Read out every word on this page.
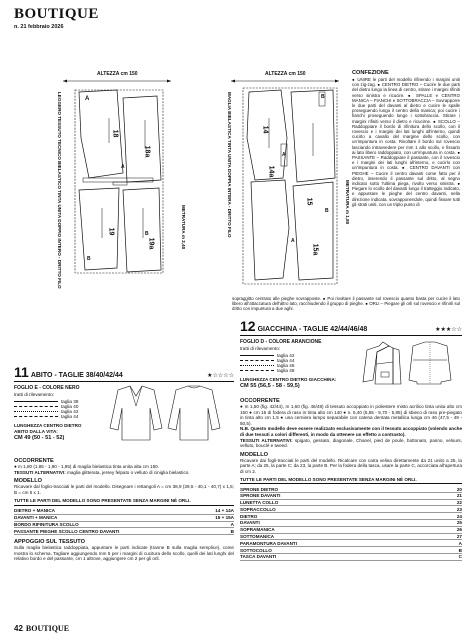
BOUTIQUE
n. 21 febbraio 2026
ALTEZZA cm 150
18
18a
19
19a
A
A
B
B
LEGGERO TESSUTO TECNICO BIELASTICO TINTA UNITA DOPPIO INTERO - DRITTO FILO	METRATURA m 2,40
ALTEZZA cm 150
14
14a
15
15a
B
A
B
A
MAGLIA BIELASTICA TINTA UNITA DOPPIA INTERA - DRITTO FILO	METRATURA m 1,80
CONFEZIONE
● UNIRE le parti del modello rifinendo i margini uniti con zig-zag. ● CENTRO DIETRO – Cucire le due parti del dietro lungo la linea di centro, stirare i margini rifiniti verso sinistra e ricucire. ● SPALLE e CENTRO MANICA – FIANCHI e SOTTOBRACCIA – Sovrapporre le due parti del davanti al dietro e cucire le spalle proseguendo lungo il centro della manica; poi cucire i fianchi proseguendo lungo i sottobraccia. Stirare i margini rifiniti verso il dietro e ricucirne. ● SCOLLO – Raddoppiare il bordo di rifinitura dello scollo, con il rovescio e i margini dei lati lunghi all'interno, quindi cucirlo a cavallo del margine dello scollo, con un'impuntura in costa. Rivoltare il bordo sul rovescio lasciando intravvedere per mm 1 allo scollo, e fissarlo ai lato libero raddoppiato, con un'impuntura in costa. ● PASSANTE – Raddoppiare il passante, con il rovescio e i margini dei lati lunghi all'interno, e cucirlo con un'impuntura in costa. ● CENTRO DAVANTI con PIEGHE – Cucire il centro davanti come fatto per il dietro, inserendo il passante sul dritto, al segno indicato sotto l'ultima piega, rivolto verso sinistra. ● Piegare lo scollo del davanti lungo il tratteggio indicato, e appuntare le pieghe del centro davanti, nella direzione indicata, sovrapponendole, quindi fissare tutti gli strati uniti, con un triplo punto di
sopraggitto centrato alle pieghe sovrapposte. ● Poi rivoltare il passante sul rovescio quanto basta per cucire il lato libero all'attaccatura dell'altro lato, racchiudendo il gruppo di pieghe. ● ORLI – Piegare gli orli sul rovescio e rifinirli sul dritto con impuntura a due aghi.
12 GIACCHINA - TAGLIE 42/44/46/48	★★★☆☆
FOGLIO D - COLORE ARANCIONE
tratti di rilevamento:
taglia 42
taglia 44
taglia 46
taglia 48
LUNGHEZZA CENTRO DIETRO GIACCHINA:
CM 55 (56,5 - 58 - 59,5)
OCCORRENTE
● m 1,50 (fig. 42/44), m 1,60 (fig. 46/48) di tessuto accoppiato in poliestere misto acrilico tinta unita alto cm 150 ● cm 15 di fodera di raso in tinta alto cm 140 ● n. 5,40 (5,55 - 5,70 - 5,85) di sbieco di raso pre-piegato in tinta alto cm 1,5 ● una cerniera lampo separabile con catena dentata metallica lunga cm 46 (47,5 - 49 - 50,5).
N.B. Questo modello deve essere realizzato esclusivamente con il tessuto accoppiato (volendo anche di due tessuti a colori differenti, in modo da ottenere un effetto a contrasto).
TESSUTI ALTERNATIVI: spigato, gessato, diagonale, Chanel, pied de poule, bottonato, panno, velours, velluto, bouclé e tweed.
MODELLO
Ricavare dai fogli-tracciati le parti del modello. Ricalcare con carta velina direttamente da 21 unito a 25, la parte A; da 25, la parte C; da 23, la parte B. Per la fodera della tasca, usare la parte C, accorciata all'apertura di cm 2.
TUTTE LE PARTI DEL MODELLO SONO PRESENTATE SENZA MARGINI NÉ ORLI.
SPRONE DIETRO	20
SPRONE DAVANTI	21
LUNETTA COLLO	22
SOPRACCOLLO	23
DIETRO	24
DAVANTI	25
SOPRAMANICA	26
SOTTOMANICA	27
PARAMONTURA DAVANTI	A
SOTTOCOLLO	B
TASCA DAVANTI	C
11 ABITO - TAGLIE 38/40/42/44	★☆☆☆☆
FOGLIO E - COLORE NERO
tratti di rilevamento:
taglia 38
taglia 40
taglia 42
taglia 44
LUNGHEZZA CENTRO DIETRO ABITO DALLA VITA:
CM 49 (50 - 51 - 52)
OCCORRENTE
● m 1,80 (1,85 - 1,90 - 1,95) di maglia bielastica tinta unita alta cm 150.
TESSUTI ALTERNATIVI: maglia glitterata, jersey felpato o velluto di ciniglia bielastico.
MODELLO
Ricavare dal foglio-tracciati le parti del modello. Disegnare i rettangoli A = cm 38,9 (39,5 - 40,1 - 40,7) x 1,5; B = cm 5 x 1.
TUTTE LE PARTI DEL MODELLO SONO PRESENTATE SENZA MARGINI NÉ ORLI.
DIETRO + MANICA	14 + 14A
DAVANTI + MANICA	15 + 15A
BORDO RIFINITURA SCOLLO	A
PASSANTE PIEGHE SCOLLO CENTRO DAVANTI	B
APPOGGIO SUL TESSUTO
Sulla maglia bielastica raddoppiata, appuntare le parti indicate (tranne B sulla maglia semplice), come mostra lo schema. Tagliare aggiungendo mm 5 per i margini di cucitura dello scollo, quelli dei lati lunghi del relativo bordo e del passante, cm 1 altrove, aggiungere cm 2 per gli orli.
42 BOUTIQUE
